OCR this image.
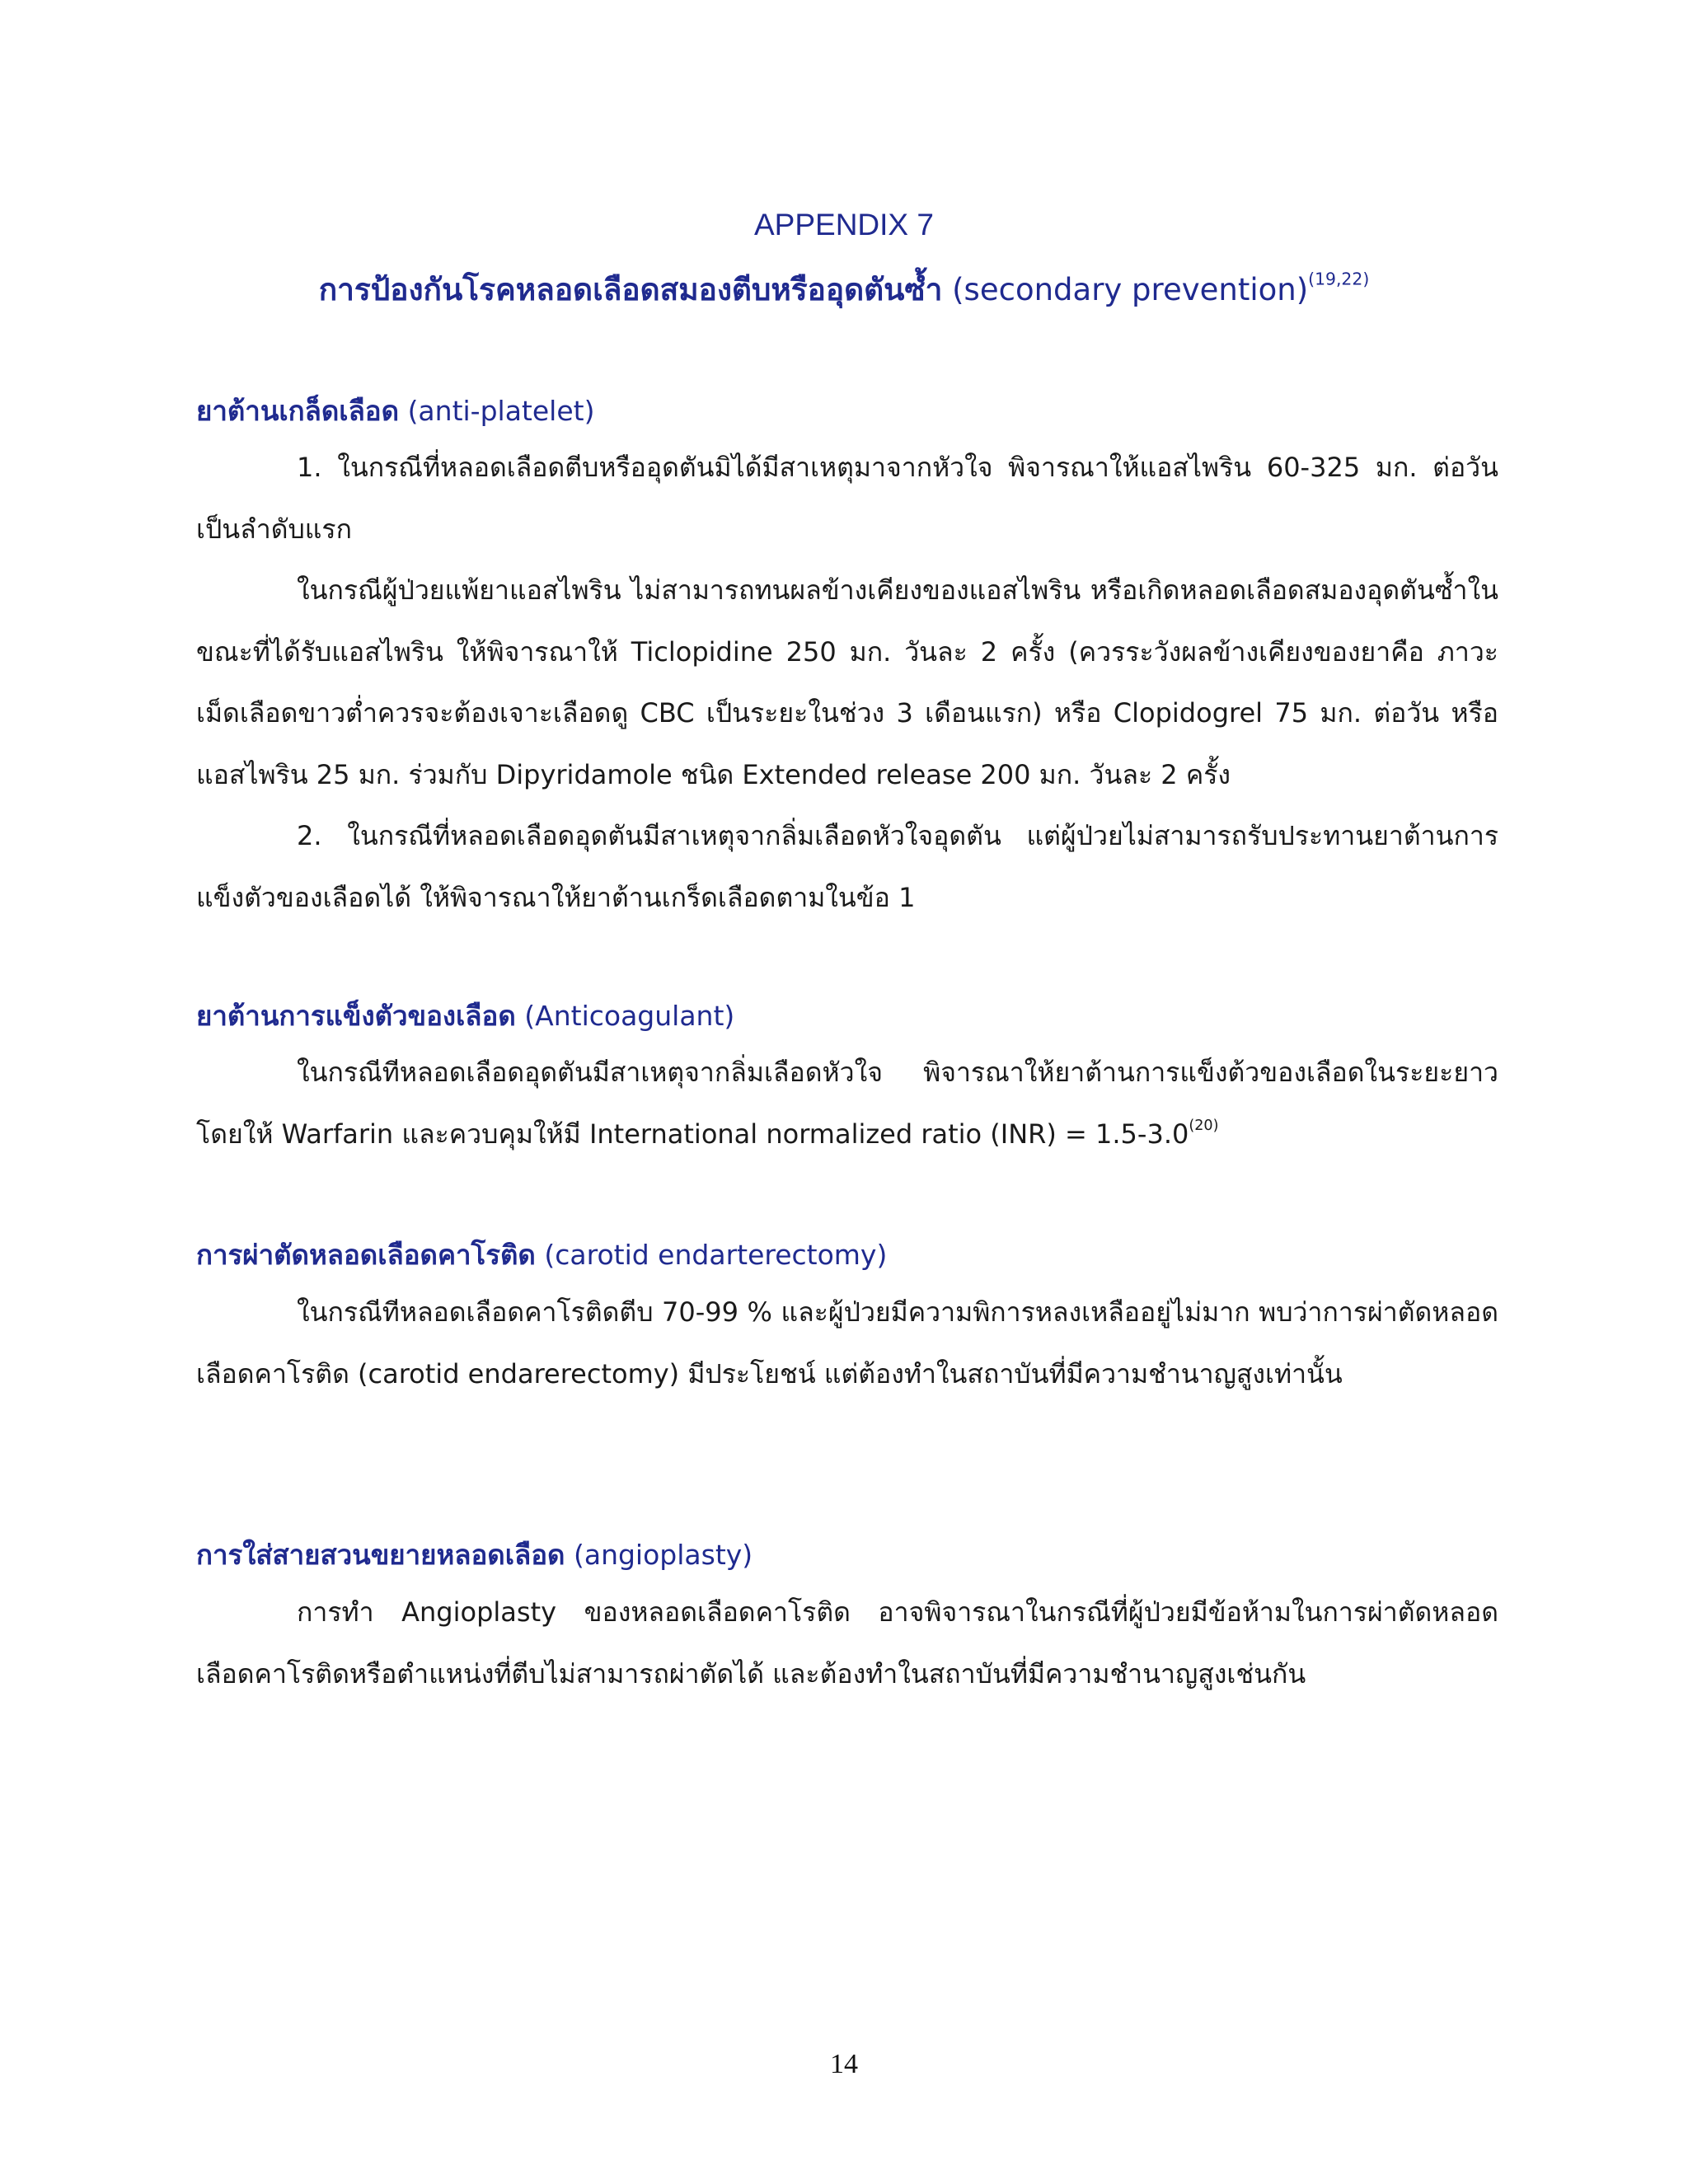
APPENDIX 7
การป้องกันโรคหลอดเลือดสมองตีบหรืออุดตันซ้ำ (secondary prevention)$^{(19,22)}$
ยาต้านเกล็ดเลือด (anti-platelet)
1. ในกรณีที่หลอดเลือดตีบหรืออุดตันมิได้มีสาเหตุมาจากหัวใจ พิจารณาให้แอสไพริน 60-325 มก. ต่อวันเป็นลำดับแรก
ในกรณีผู้ป่วยแพ้ยาแอสไพริน ไม่สามารถทนผลข้างเคียงของแอสไพริน หรือเกิดหลอดเลือดสมองอุดตันซ้ำในขณะที่ได้รับแอสไพริน ให้พิจารณาให้ Ticlopidine 250 มก. วันละ 2 ครั้ง (ควรระวังผลข้างเคียงของยาคือ ภาวะเม็ดเลือดขาวต่ำควรจะต้องเจาะเลือดดู CBC เป็นระยะในช่วง 3 เดือนแรก) หรือ Clopidogrel 75 มก. ต่อวัน หรือแอสไพริน 25 มก. ร่วมกับ Dipyridamole ชนิด Extended release 200 มก. วันละ 2 ครั้ง
2. ในกรณีที่หลอดเลือดอุดตันมีสาเหตุจากลิ่มเลือดหัวใจอุดตัน แต่ผู้ป่วยไม่สามารถรับประทานยาต้านการแข็งตัวของเลือดได้ ให้พิจารณาให้ยาต้านเกร็ดเลือดตามในข้อ 1
ยาต้านการแข็งตัวของเลือด (Anticoagulant)
ในกรณีทีหลอดเลือดอุดตันมีสาเหตุจากลิ่มเลือดหัวใจ พิจารณาให้ยาต้านการแข็งต้วของเลือดในระยะยาว โดยให้ Warfarin และควบคุมให้มี International normalized ratio $(INR) = 1.5-3.0^{(20)}$
การผ่าตัดหลอดเลือดคาโรติด (carotid endarterectomy)
ในกรณีทีหลอดเลือดคาโรติดตีบ 70-99 % และผู้ป่วยมีความพิการหลงเหลืออยู่ไม่มาก พบว่าการผ่าตัดหลอดเลือดคาโรติด (carotid endarerectomy) มีประโยชน์ แต่ต้องทำในสถาบันที่มีความชำนาญสูงเท่านั้น
การใส่สายสวนขยายหลอดเลือด (angioplasty)
การทำ Angioplasty ของหลอดเลือดคาโรติด อาจพิจารณาในกรณีที่ผู้ป่วยมีข้อห้ามในการผ่าตัดหลอดเลือดคาโรติดหรือตำแหน่งที่ตีบไม่สามารถผ่าตัดได้ และต้องทำในสถาบันที่มีความชำนาญสูงเช่นกัน
14
